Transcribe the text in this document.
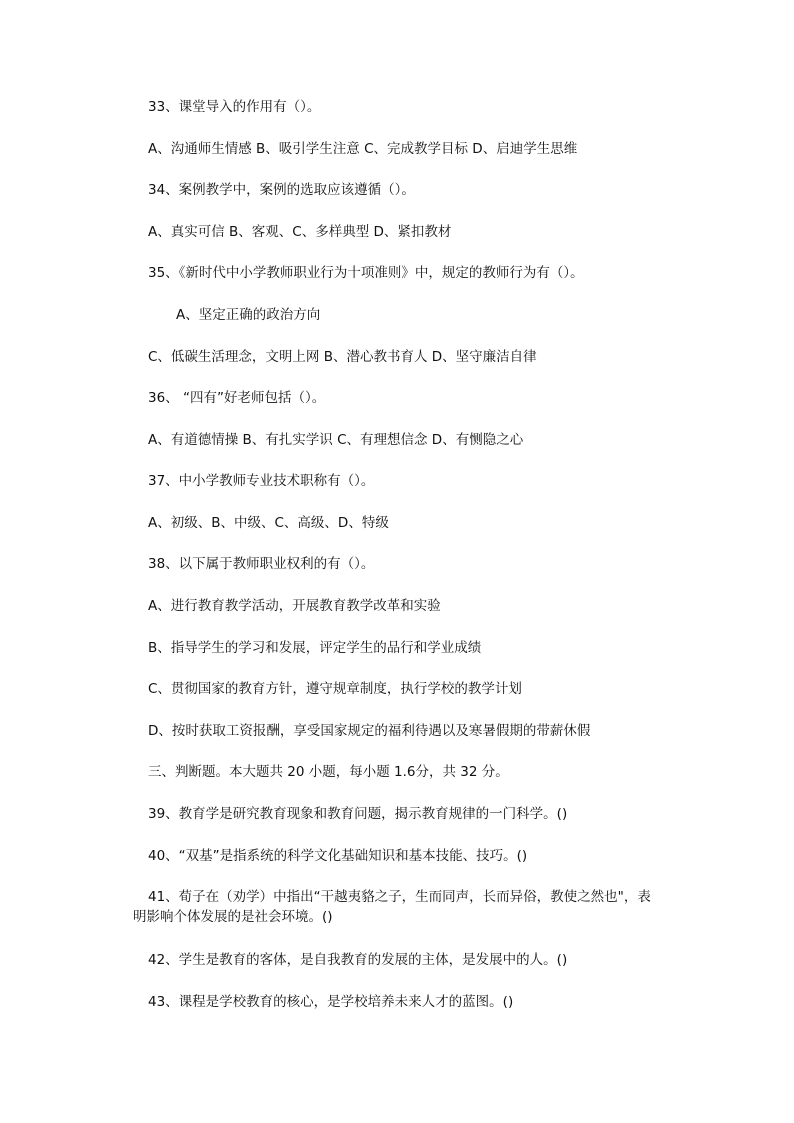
33、课堂导入的作用有（）。
A、沟通师生情感 B、吸引学生注意 C、完成教学目标 D、启迪学生思维
34、案例教学中，案例的选取应该遵循（）。
A、真实可信 B、客观、C、多样典型 D、紧扣教材
35、《新时代中小学教师职业行为十项准则》中，规定的教师行为有（）。
A、坚定正确的政治方向
C、低碳生活理念，文明上网 B、潜心教书育人 D、坚守廉洁自律
36、 “四有”好老师包括（）。
A、有道德情操 B、有扎实学识 C、有理想信念 D、有恻隐之心
37、中小学教师专业技术职称有（）。
A、初级、B、中级、C、高级、D、特级
38、以下属于教师职业权利的有（）。
A、进行教育教学活动，开展教育教学改革和实验
B、指导学生的学习和发展，评定学生的品行和学业成绩
C、贯彻国家的教育方针，遵守规章制度，执行学校的教学计划
D、按时获取工资报酬，享受国家规定的福利待遇以及寒暑假期的带薪休假
三、判断题。本大题共 20 小题，每小题 1.6分，共 32 分。
39、教育学是研究教育现象和教育问题，揭示教育规律的一门科学。()
40、“双基”是指系统的科学文化基础知识和基本技能、技巧。()
41、荀子在（劝学）中指出“干越夷貉之子，生而同声，长而异俗，教使之然也"，表
明影响个体发展的是社会环境。()
42、学生是教育的客体，是自我教育的发展的主体，是发展中的人。()
43、课程是学校教育的核心，是学校培养未来人才的蓝图。()
